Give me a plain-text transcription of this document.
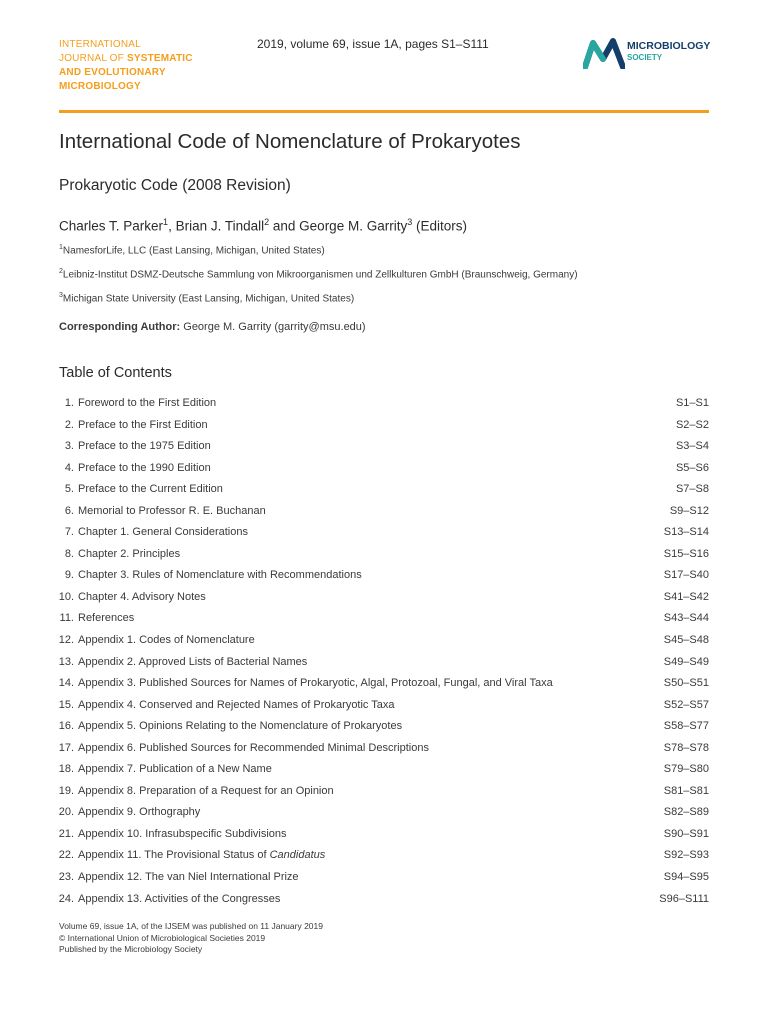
INTERNATIONAL
JOURNAL OF SYSTEMATIC
AND EVOLUTIONARY
MICROBIOLOGY
2019, volume 69, issue 1A, pages S1–S111	MICROBIOLOGY
SOCIETY
International Code of Nomenclature of Prokaryotes
Prokaryotic Code (2008 Revision)
Charles T. Parker$^1$, Brian J. Tindall$^2$ and George M. Garrity$^3$ (Editors)
$^1$NamesforLife, LLC (East Lansing, Michigan, United States)
$^2$Leibniz-Institut DSMZ-Deutsche Sammlung von Mikroorganismen und Zellkulturen GmbH (Braunschweig, Germany)
$^3$Michigan State University (East Lansing, Michigan, United States)
Corresponding Author: George M. Garrity (garrity@msu.edu)
Table of Contents
1. Foreword to the First Edition	S1–S1
2. Preface to the First Edition	S2–S2
3. Preface to the 1975 Edition	S3–S4
4. Preface to the 1990 Edition	S5–S6
5. Preface to the Current Edition	S7–S8
6. Memorial to Professor R. E. Buchanan	S9–S12
7. Chapter 1. General Considerations	S13–S14
8. Chapter 2. Principles	S15–S16
9. Chapter 3. Rules of Nomenclature with Recommendations	S17–S40
10. Chapter 4. Advisory Notes	S41–S42
11. References	S43–S44
12. Appendix 1. Codes of Nomenclature	S45–S48
13. Appendix 2. Approved Lists of Bacterial Names	S49–S49
14. Appendix 3. Published Sources for Names of Prokaryotic, Algal, Protozoal, Fungal, and Viral Taxa	S50–S51
15. Appendix 4. Conserved and Rejected Names of Prokaryotic Taxa	S52–S57
16. Appendix 5. Opinions Relating to the Nomenclature of Prokaryotes	S58–S77
17. Appendix 6. Published Sources for Recommended Minimal Descriptions	S78–S78
18. Appendix 7. Publication of a New Name	S79–S80
19. Appendix 8. Preparation of a Request for an Opinion	S81–S81
20. Appendix 9. Orthography	S82–S89
21. Appendix 10. Infrasubspecific Subdivisions	S90–S91
22. Appendix 11. The Provisional Status of Candidatus	S92–S93
23. Appendix 12. The van Niel International Prize	S94–S95
24. Appendix 13. Activities of the Congresses	S96–S111
Volume 69, issue 1A, of the IJSEM was published on 11 January 2019
© International Union of Microbiological Societies 2019
Published by the Microbiology Society
